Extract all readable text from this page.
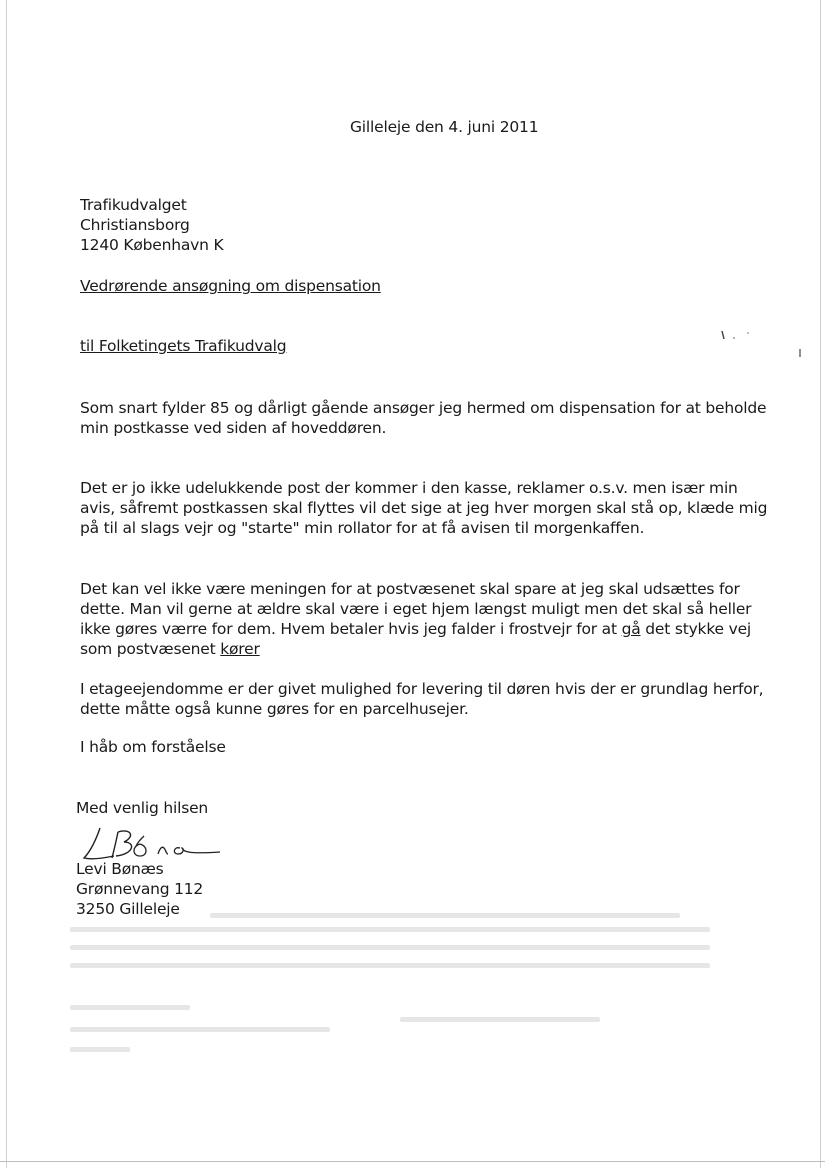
Gilleleje den 4. juni 2011
Trafikudvalget
Christiansborg
1240 København K
Vedrørende ansøgning om dispensation
til Folketingets Trafikudvalg
Som snart fylder 85 og dårligt gående ansøger jeg hermed om dispensation for at beholde
min postkasse ved siden af hoveddøren.
Det er jo ikke udelukkende post der kommer i den kasse, reklamer o.s.v. men især min
avis, såfremt postkassen skal flyttes vil det sige at jeg hver morgen skal stå op, klæde mig
på til al slags vejr og "starte" min rollator for at få avisen til morgenkaffen.
Det kan vel ikke være meningen for at postvæsenet skal spare at jeg skal udsættes for
dette. Man vil gerne at ældre skal være i eget hjem længst muligt men det skal så heller
ikke gøres værre for dem. Hvem betaler hvis jeg falder i frostvejr for at gå det stykke vej
som postvæsenet kører
I etageejendomme er der givet mulighed for levering til døren hvis der er grundlag herfor,
dette måtte også kunne gøres for en parcelhusejer.
I håb om forståelse
Med venlig hilsen
Levi Bønæs
Grønnevang 112
3250 Gilleleje
